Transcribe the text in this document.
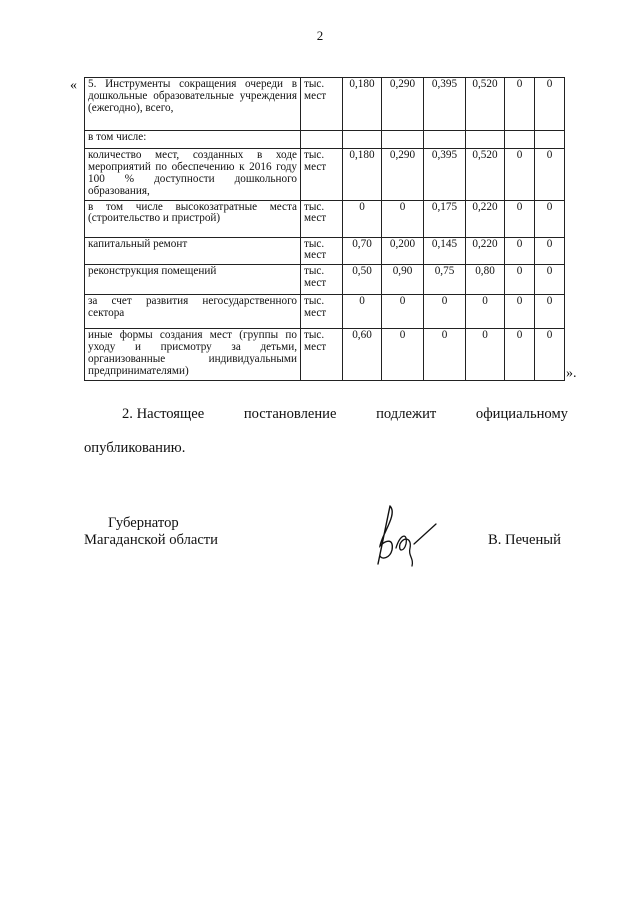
2
« 5. Инструменты сокращения очереди в дошкольные образовательные учреждения (ежегодно), всего,	тыс. мест	0,180	0,290	0,395	0,520	0	0
в том числе:							
количество мест, созданных в ходе мероприятий по обеспечению к 2016 году 100 % доступности дошкольного образования,	тыс. мест	0,180	0,290	0,395	0,520	0	0
в том числе высокозатратные места (строительство и пристрой)	тыс. мест	0	0	0,175	0,220	0	0
капитальный ремонт	тыс. мест	0,70	0,200	0,145	0,220	0	0
реконструкция помещений	тыс. мест	0,50	0,90	0,75	0,80	0	0
за счет развития негосударственного сектора	тыс. мест	0	0	0	0	0	0
иные формы создания мест (группы по уходу и присмотру за детьми, организованные индивидуальными предпринимателями)	тыс. мест	0,60	0	0	0	0	0
».
2. Настоящее	постановление	подлежит	официальному
опубликованию.
Губернатор
Магаданской области	В. Печеный
